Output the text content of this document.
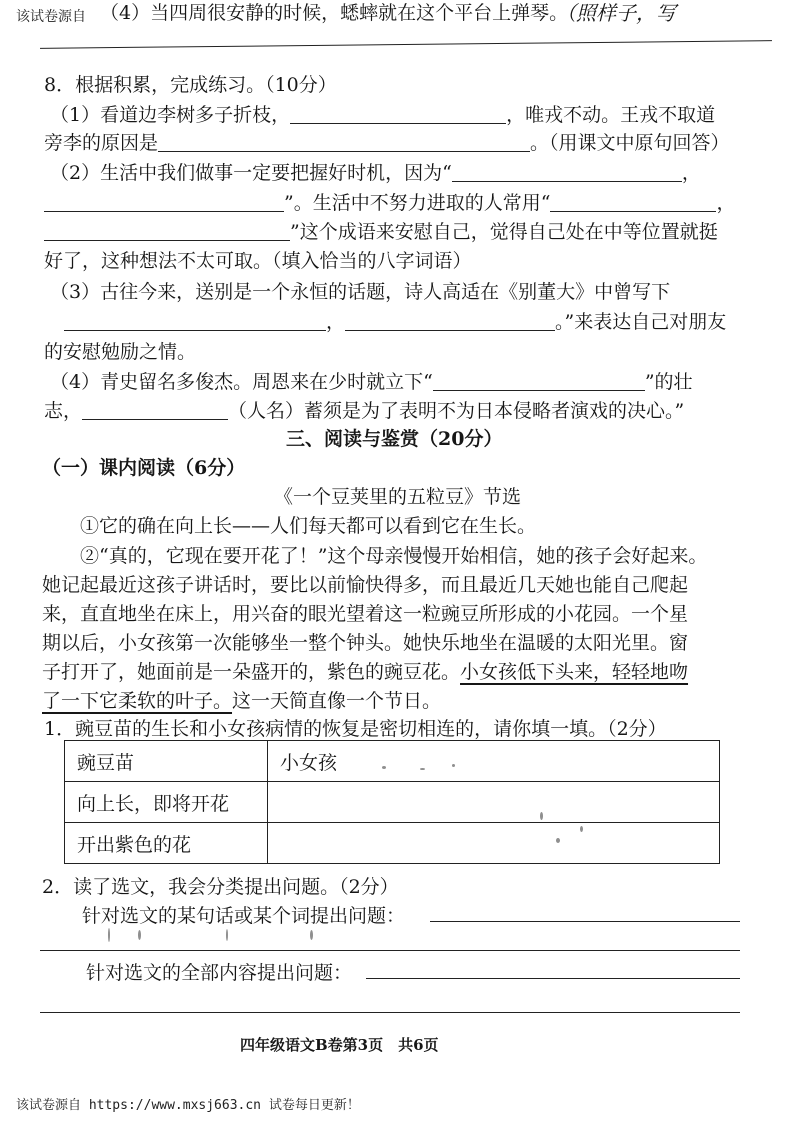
该试卷源自 （4）当四周很安静的时候，蟋蟀就在这个平台上弹琴。
（照样子，写
8．根据积累，完成练习。（10分）
（1）看道边李树多子折枝，	，唯戎不动。王戎不取道
旁李的原因是	。（用课文中原句回答）
（2）生活中我们做事一定要把握好时机，因为“	，
”。生活中不努力进取的人常用“	，
”这个成语来安慰自己，觉得自己处在中等位置就挺
好了，这种想法不太可取。（填入恰当的八字词语）
（3）古往今来，送别是一个永恒的话题，诗人高适在《别董大》中曾写下
，	。”来表达自己对朋友
的安慰勉励之情。
（4）青史留名多俊杰。周恩来在少时就立下“	”的壮
志，	（人名）蓄须是为了表明不为日本侵略者演戏的决心。”
三、阅读与鉴赏（20分）
（一）课内阅读（6分）
《一个豆荚里的五粒豆》节选
①它的确在向上长——人们每天都可以看到它在生长。
②“真的，它现在要开花了！”这个母亲慢慢开始相信，她的孩子会好起来。
她记起最近这孩子讲话时，要比以前愉快得多，而且最近几天她也能自己爬起
来，直直地坐在床上，用兴奋的眼光望着这一粒豌豆所形成的小花园。一个星
期以后，小女孩第一次能够坐一整个钟头。她快乐地坐在温暖的太阳光里。窗
子打开了，她面前是一朵盛开的，紫色的豌豆花。小女孩低下头来，轻轻地吻
了一下它柔软的叶子。这一天简直像一个节日。
1．豌豆苗的生长和小女孩病情的恢复是密切相连的，请你填一填。（2分）
豌豆苗	小女孩
向上长，即将开花	
开出紫色的花	
2．读了选文，我会分类提出问题。（2分）
针对选文的某句话或某个词提出问题：
针对选文的全部内容提出问题：
四年级语文B卷第3页　共6页
该试卷源自 https://www.mxsj663.cn 试卷每日更新！
